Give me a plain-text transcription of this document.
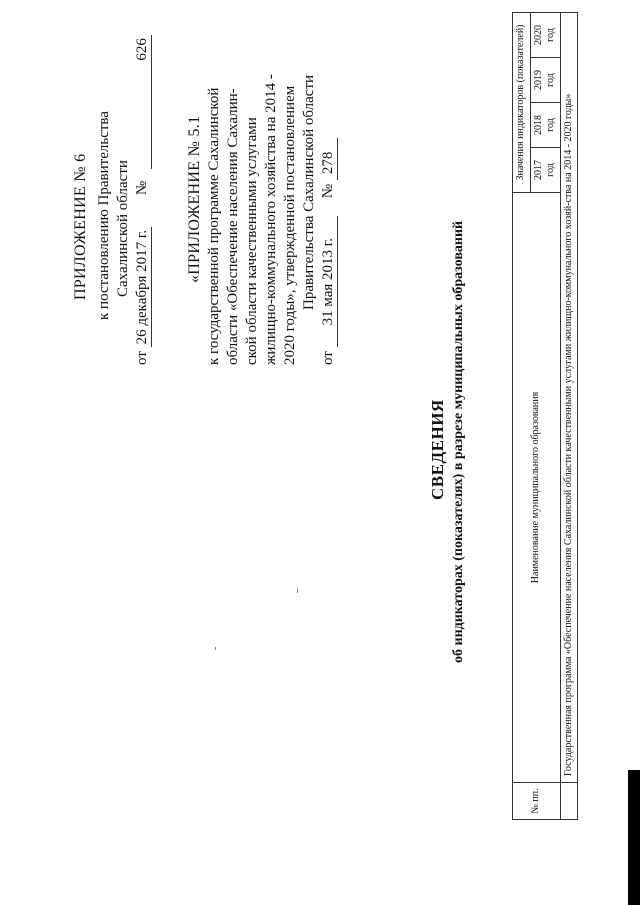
ПРИЛОЖЕНИЕ № 6 к постановлению Правительства Сахалинской области
от 26 декабря 2017 г. № 626
«ПРИЛОЖЕНИЕ № 5.1 к государственной программе Сахалинской области «Обеспечение населения Сахалин- ской области качественными услугами жилищно-коммунального хозяйства на 2014 - 2020 годы», утвержденной постановлением Правительства Сахалинской области
от 31 мая 2013 г. № 278
СВЕДЕНИЯ об индикаторах (показателях) в разрезе муниципальных образований
№ пп.	Наименование муниципального образования	Значения индикаторов (показателей)			
		2017 год	2018 год	2019 год	2020 год
	Государственная программа «Обеспечение населения Сахалинской области качественными услугами жилищно-коммунального хозяй-ства на 2014 - 2020 годы»				
